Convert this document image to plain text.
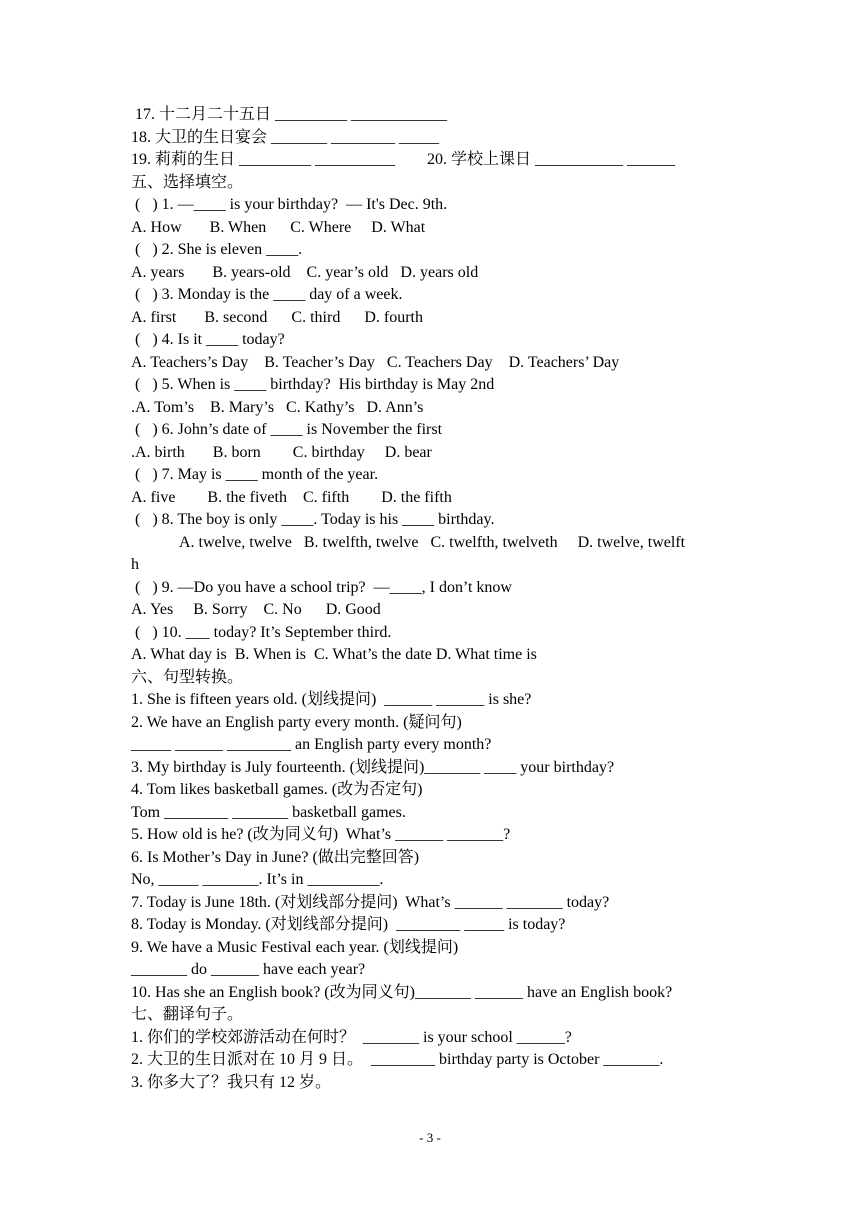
17. 十二月二十五日 _________ ____________
18. 大卫的生日宴会 _______ ________ _____
19. 莉莉的生日 _________ __________        20. 学校上课日 ___________ ______
五、选择填空。
(   ) 1. —____ is your birthday?  — It's Dec. 9th.
A. How       B. When      C. Where     D. What
(   ) 2. She is eleven ____.
A. years       B. years-old    C. year’s old   D. years old
(   ) 3. Monday is the ____ day of a week.
A. first       B. second      C. third      D. fourth
(   ) 4. Is it ____ today?
A. Teachers’s Day    B. Teacher’s Day   C. Teachers Day    D. Teachers’ Day
(   ) 5. When is ____ birthday?  His birthday is May 2nd
.A. Tom’s    B. Mary’s   C. Kathy’s   D. Ann’s
(   ) 6. John’s date of ____ is November the first
.A. birth       B. born        C. birthday     D. bear
(   ) 7. May is ____ month of the year.
A. five        B. the fiveth    C. fifth        D. the fifth
(   ) 8. The boy is only ____. Today is his ____ birthday.
A. twelve, twelve   B. twelfth, twelve   C. twelfth, twelveth     D. twelve, twelft
h
(   ) 9. —Do you have a school trip?  —____, I don’t know
A. Yes     B. Sorry    C. No      D. Good
(   ) 10. ___ today? It’s September third.
A. What day is  B. When is  C. What’s the date D. What time is
六、句型转换。
1. She is fifteen years old. (划线提问)  ______ ______ is she?
2. We have an English party every month. (疑问句)
_____ ______ ________ an English party every month?
3. My birthday is July fourteenth. (划线提问)_______ ____ your birthday?
4. Tom likes basketball games. (改为否定句)
Tom ________ _______ basketball games.
5. How old is he? (改为同义句)  What’s ______ _______?
6. Is Mother’s Day in June? (做出完整回答)
No, _____ _______. It’s in _________.
7. Today is June 18th. (对划线部分提问)  What’s ______ _______ today?
8. Today is Monday. (对划线部分提问)  ________ _____ is today?
9. We have a Music Festival each year. (划线提问)
_______ do ______ have each year?
10. Has she an English book? (改为同义句)_______ ______ have an English book?
七、翻译句子。
1. 你们的学校郊游活动在何时？  _______ is your school ______?
2. 大卫的生日派对在 10 月 9 日。  ________ birthday party is October _______.
3. 你多大了？我只有 12 岁。
- 3 -
